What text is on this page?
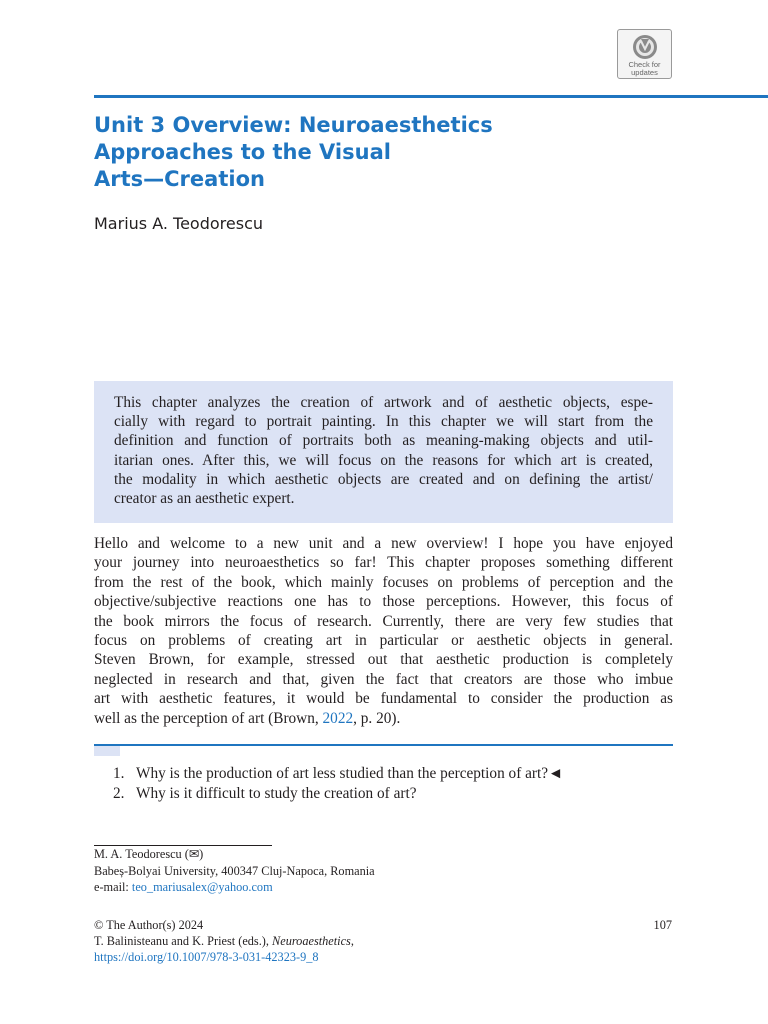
Check for
updates
Unit 3 Overview: Neuroaesthetics
Approaches to the Visual
Arts—Creation
Marius A. Teodorescu
This chapter analyzes the creation of artwork and of aesthetic objects, espe-
cially with regard to portrait painting. In this chapter we will start from the
definition and function of portraits both as meaning-making objects and util-
itarian ones. After this, we will focus on the reasons for which art is created,
the modality in which aesthetic objects are created and on defining the artist/
creator as an aesthetic expert.
Hello and welcome to a new unit and a new overview! I hope you have enjoyed
your journey into neuroaesthetics so far! This chapter proposes something different
from the rest of the book, which mainly focuses on problems of perception and the
objective/subjective reactions one has to those perceptions. However, this focus of
the book mirrors the focus of research. Currently, there are very few studies that
focus on problems of creating art in particular or aesthetic objects in general.
Steven Brown, for example, stressed out that aesthetic production is completely
neglected in research and that, given the fact that creators are those who imbue
art with aesthetic features, it would be fundamental to consider the production as
well as the perception of art (Brown, 2022, p. 20).
1. Why is the production of art less studied than the perception of art?◄
2. Why is it difficult to study the creation of art?
M. A. Teodorescu (✉)
Babeș-Bolyai University, 400347 Cluj-Napoca, Romania
e-mail: teo_mariusalex@yahoo.com
© The Author(s) 2024
T. Balinisteanu and K. Priest (eds.), Neuroaesthetics,
https://doi.org/10.1007/978-3-031-42323-9_8
107
